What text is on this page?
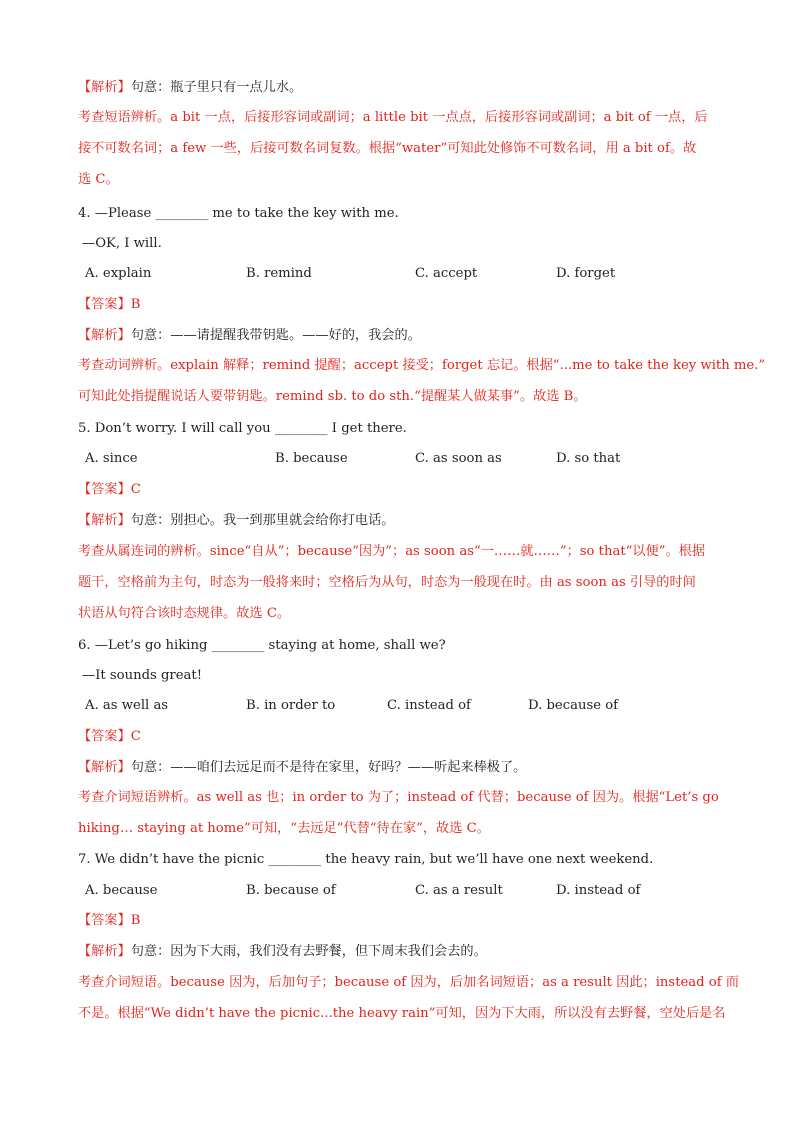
【解析】句意：瓶子里只有一点儿水。
考查短语辨析。a bit 一点，后接形容词或副词；a little bit 一点点，后接形容词或副词；a bit of 一点，后
接不可数名词；a few 一些，后接可数名词复数。根据“water”可知此处修饰不可数名词，用 a bit of。故
选 C。
4. —Please ________ me to take the key with me.
—OK, I will.
A. explain	B. remind	C. accept	D. forget
【答案】B
【解析】句意：——请提醒我带钥匙。——好的，我会的。
考查动词辨析。explain 解释；remind 提醒；accept 接受；forget 忘记。根据“...me to take the key with me.”
可知此处指提醒说话人要带钥匙。remind sb. to do sth.“提醒某人做某事”。故选 B。
5. Don’t worry. I will call you ________ I get there.
A. since	B. because	C. as soon as	D. so that
【答案】C
【解析】句意：别担心。我一到那里就会给你打电话。
考查从属连词的辨析。since“自从”；because“因为”；as soon as“一……就……”；so that“以便”。根据
题干，空格前为主句，时态为一般将来时；空格后为从句，时态为一般现在时。由 as soon as 引导的时间
状语从句符合该时态规律。故选 C。
6. —Let’s go hiking ________ staying at home, shall we?
—It sounds great!
A. as well as	B. in order to	C. instead of	D. because of
【答案】C
【解析】句意：——咱们去远足而不是待在家里，好吗？——听起来棒极了。
考查介词短语辨析。as well as 也；in order to 为了；instead of 代替；because of 因为。根据“Let’s go
hiking… staying at home”可知，“去远足”代替“待在家”，故选 C。
7. We didn’t have the picnic ________ the heavy rain, but we’ll have one next weekend.
A. because	B. because of	C. as a result	D. instead of
【答案】B
【解析】句意：因为下大雨，我们没有去野餐，但下周末我们会去的。
考查介词短语。because 因为，后加句子；because of 因为，后加名词短语；as a result 因此；instead of 而
不是。根据“We didn’t have the picnic...the heavy rain”可知，因为下大雨，所以没有去野餐，空处后是名
